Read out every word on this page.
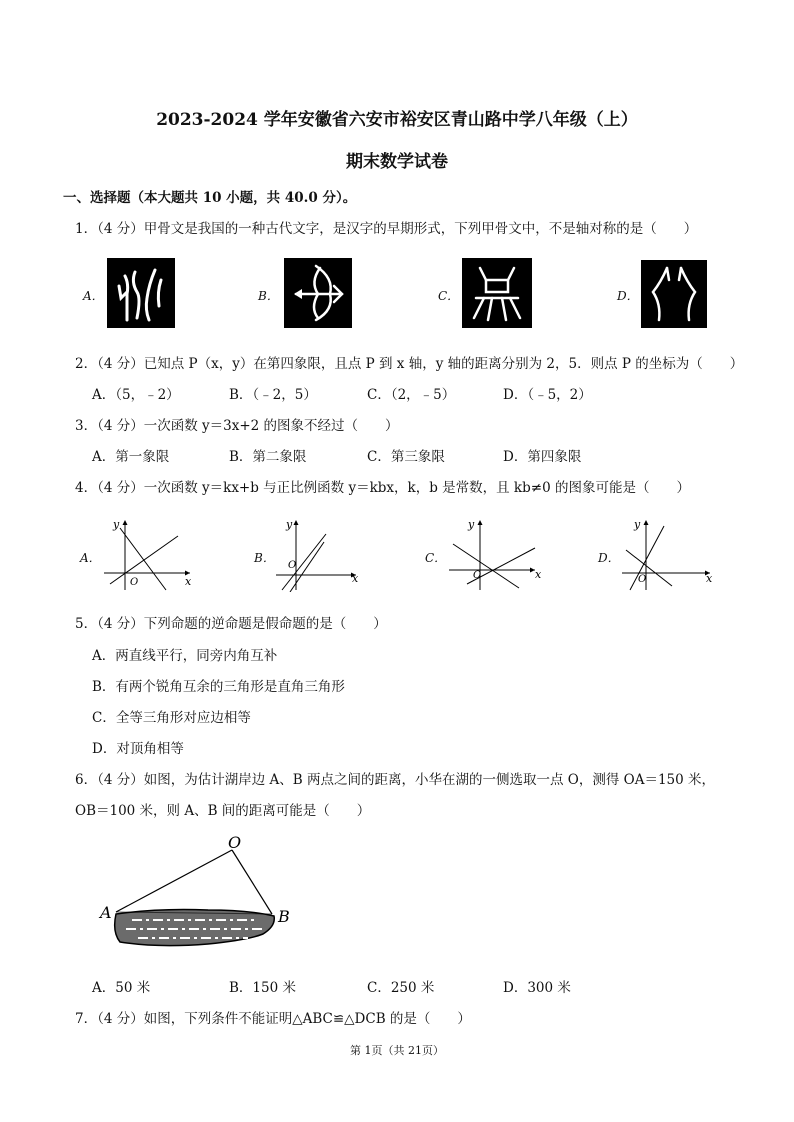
2023-2024 学年安徽省六安市裕安区青山路中学八年级（上）
期末数学试卷
一、选择题（本大题共 10 小题，共 40.0 分）。
1．（4 分）甲骨文是我国的一种古代文字，是汉字的早期形式，下列甲骨文中，不是轴对称的是（　　）
A．	B．	C．	D．
2．（4 分）已知点 P（x，y）在第四象限，且点 P 到 x 轴，y 轴的距离分别为 2，5．则点 P 的坐标为（　　）
A．（5，﹣2）	B．（﹣2，5）	C．（2，﹣5）	D．（﹣5，2）
3．（4 分）一次函数 y＝3x+2 的图象不经过（　　）
A．第一象限	B．第二象限	C．第三象限	D．第四象限
4．（4 分）一次函数 y＝kx+b 与正比例函数 y＝kbx，k，b 是常数，且 kb≠0 的图象可能是（　　）
A．
y
x
O
B．
y
x
O
C．
y
x
O
D．
y
x
O
5．（4 分）下列命题的逆命题是假命题的是（　　）
A．两直线平行，同旁内角互补
B．有两个锐角互余的三角形是直角三角形
C．全等三角形对应边相等
D．对顶角相等
6．（4 分）如图，为估计湖岸边 A、B 两点之间的距离，小华在湖的一侧选取一点 O，测得 OA＝150 米，
OB＝100 米，则 A、B 间的距离可能是（　　）
O
A	B
A．50 米	B．150 米	C．250 米	D．300 米
7．（4 分）如图，下列条件不能证明△ABC≌△DCB 的是（　　）
第 1页（共 21页）
